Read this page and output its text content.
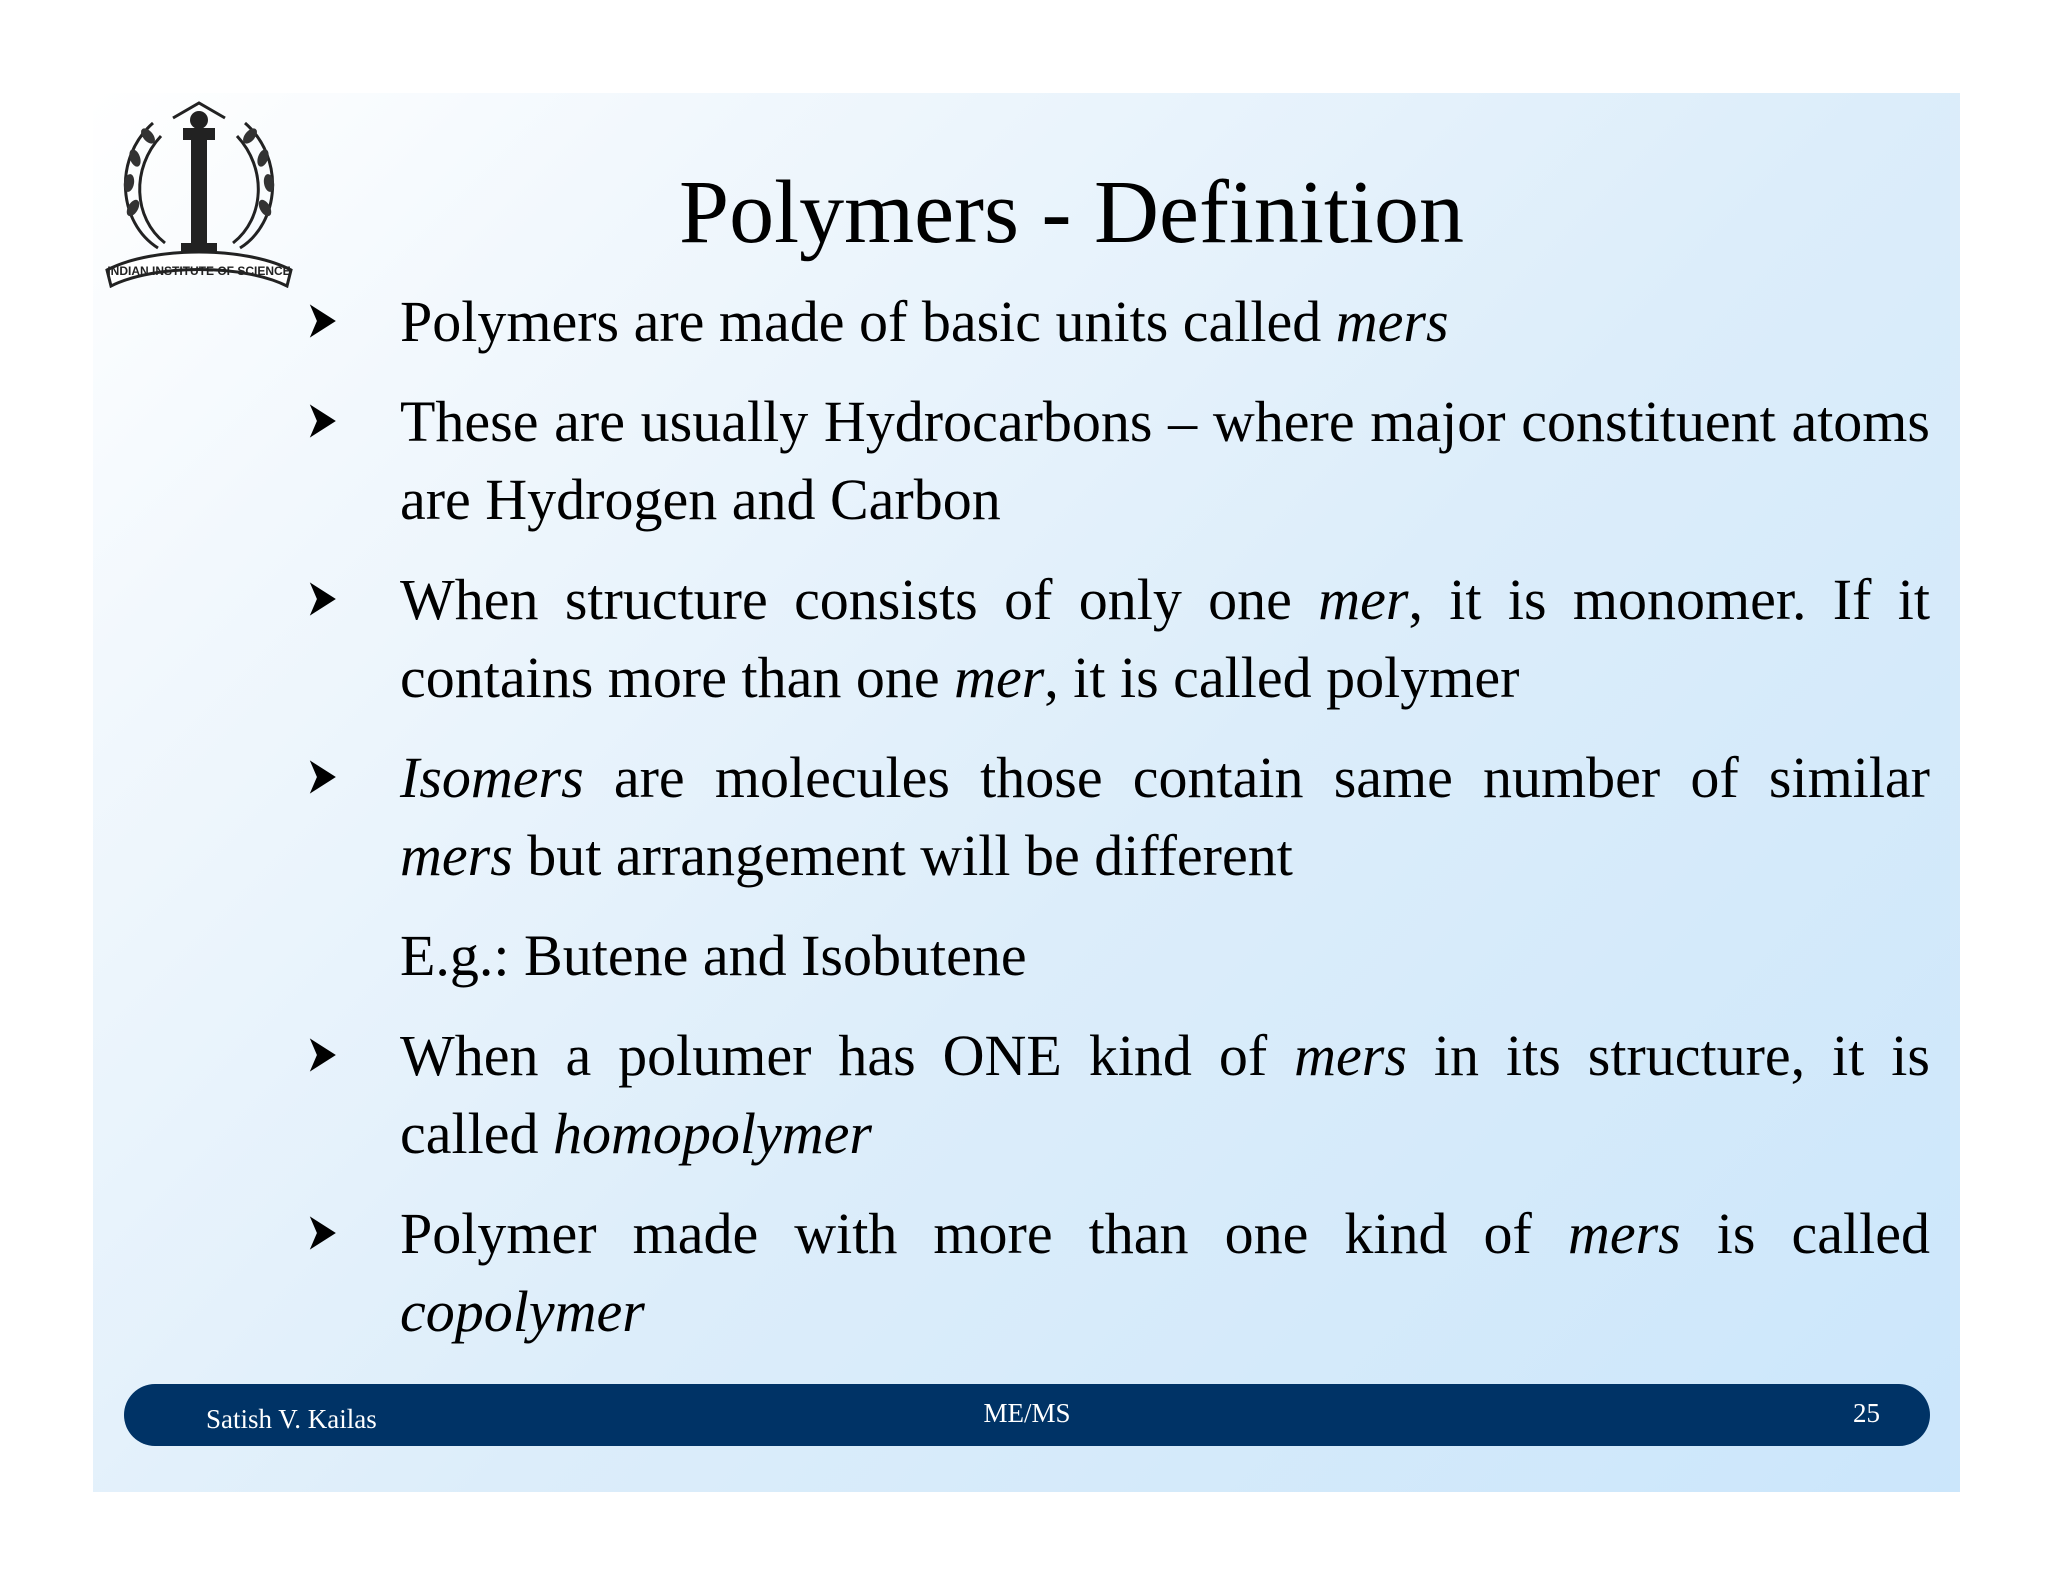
INDIAN INSTITUTE OF SCIENCE
Polymers - Definition
Polymers are made of basic units called mers
These are usually Hydrocarbons – where major constituent atoms are Hydrogen and Carbon
When structure consists of only one mer, it is monomer. If it contains more than one mer, it is called polymer
Isomers are molecules those contain same number of similar mers but arrangement will be different
E.g.: Butene and Isobutene
When a polumer has ONE kind of mers in its structure, it is called homopolymer
Polymer made with more than one kind of mers is called copolymer
Satish V. Kailas	ME/MS	25
